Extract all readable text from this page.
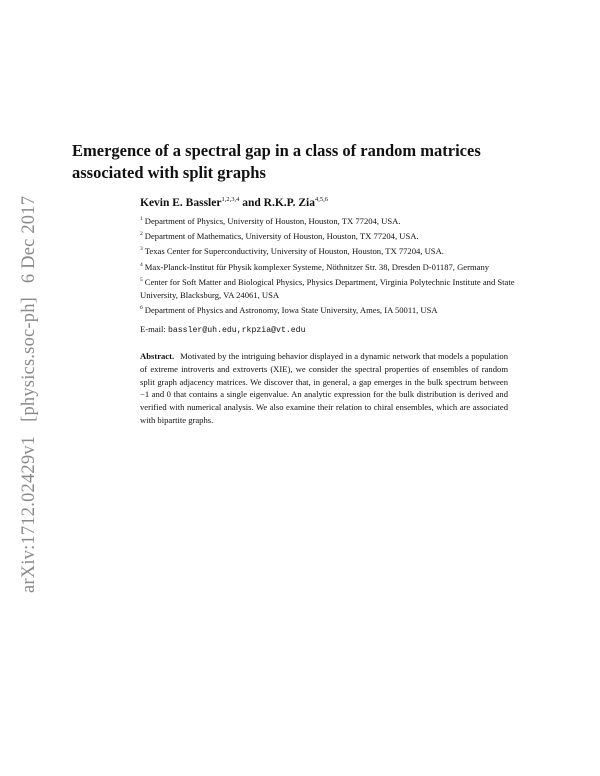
arXiv:1712.02429v1 [physics.soc-ph] 6 Dec 2017
Emergence of a spectral gap in a class of random matrices associated with split graphs
Kevin E. Bassler$^{1,2,3,4}$ and R.K.P. Zia$^{4,5,6}$
$^1$ Department of Physics, University of Houston, Houston, TX 77204, USA.
$^2$ Department of Mathematics, University of Houston, Houston, TX 77204, USA.
$^3$ Texas Center for Superconductivity, University of Houston, Houston, TX 77204, USA.
$^4$ Max-Planck-Institut für Physik komplexer Systeme, Nöthnitzer Str. 38, Dresden D-01187, Germany
$^5$ Center for Soft Matter and Biological Physics, Physics Department, Virginia Polytechnic Institute and State University, Blacksburg, VA 24061, USA
$^6$ Department of Physics and Astronomy, Iowa State University, Ames, IA 50011, USA
E-mail: bassler@uh.edu,rkpzia@vt.edu

Abstract. Motivated by the intriguing behavior displayed in a dynamic network that models a population of extreme introverts and extroverts (XIE), we consider the spectral properties of ensembles of random split graph adjacency matrices. We discover that, in general, a gap emerges in the bulk spectrum between −1 and 0 that contains a single eigenvalue. An analytic expression for the bulk distribution is derived and verified with numerical analysis. We also examine their relation to chiral ensembles, which are associated with bipartite graphs.
